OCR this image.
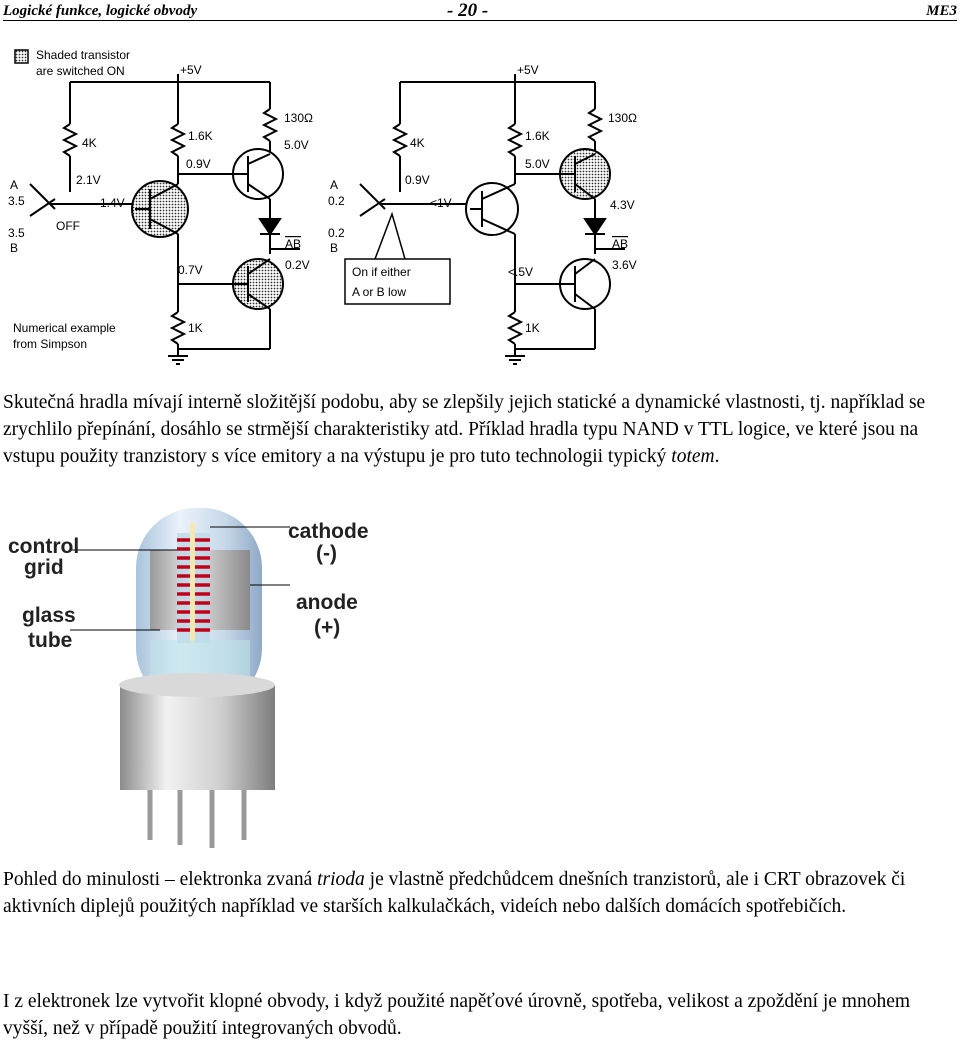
Logické funkce, logické obvody	- 20 -	ME3
Shaded transistor
are switched ON
Numerical example
from Simpson
+5V
4K	1.6K
130Ω
1K
2.1V
0.9V
5.0V
1.4V
0.7V	0.2V
A
3.5
3.5
B
OFF
AB
+5V
4K	1.6K
130Ω
1K
0.9V
<1V
5.0V
<.5V
4.3V
3.6V
A
0.2
0.2
B	AB
On if either
A or B low

Skutečná hradla mívají interně složitější podobu, aby se zlepšily jejich statické a dynamické vlastnosti, tj. například se zrychlilo přepínání, dosáhlo se strmější charakteristiky atd. Příklad hradla typu NAND v TTL logice, ve které jsou na vstupu použity tranzistory s více emitory a na výstupu je pro tuto technologii typický totem.

control
grid
glass
tube
cathode
(-)
anode
(+)

Pohled do minulosti – elektronka zvaná trioda je vlastně předchůdcem dnešních tranzistorů, ale i CRT obrazovek či aktivních diplejů použitých například ve starších kalkulačkách, videích nebo dalších domácích spotřebičích.

I z elektronek lze vytvořit klopné obvody, i když použité napěťové úrovně, spotřeba, velikost a zpoždění je mnohem vyšší, než v případě použití integrovaných obvodů.
